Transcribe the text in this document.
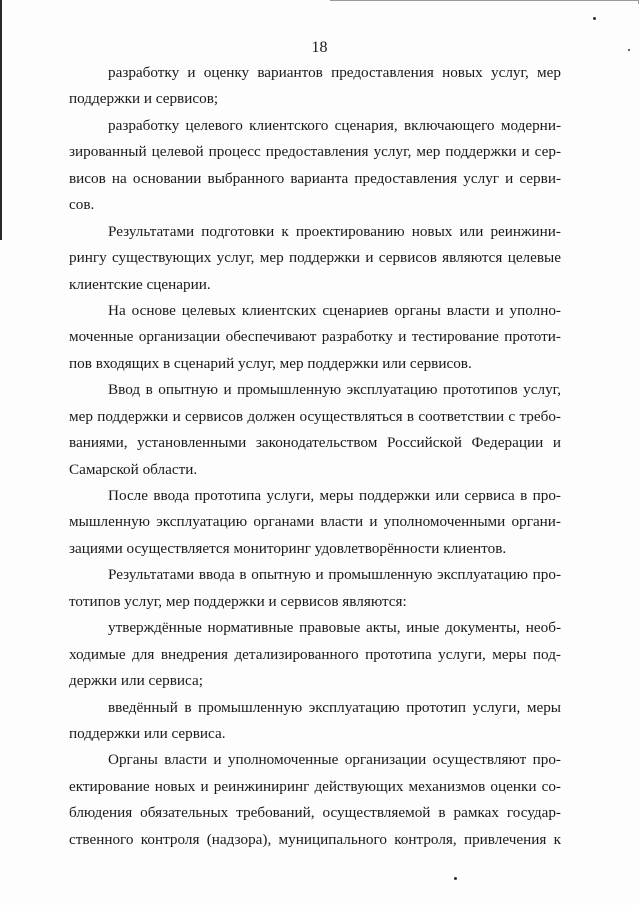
18
разработку и оценку вариантов предоставления новых услуг, мер
поддержки и сервисов;
разработку целевого клиентского сценария, включающего модерни-
зированный целевой процесс предоставления услуг, мер поддержки и сер-
висов на основании выбранного варианта предоставления услуг и серви-
сов.
Результатами подготовки к проектированию новых или реинжини-
рингу существующих услуг, мер поддержки и сервисов являются целевые
клиентские сценарии.
На основе целевых клиентских сценариев органы власти и уполно-
моченные организации обеспечивают разработку и тестирование прототи-
пов входящих в сценарий услуг, мер поддержки или сервисов.
Ввод в опытную и промышленную эксплуатацию прототипов услуг,
мер поддержки и сервисов должен осуществляться в соответствии с требо-
ваниями, установленными законодательством Российской Федерации и
Самарской области.
После ввода прототипа услуги, меры поддержки или сервиса в про-
мышленную эксплуатацию органами власти и уполномоченными органи-
зациями осуществляется мониторинг удовлетворённости клиентов.
Результатами ввода в опытную и промышленную эксплуатацию про-
тотипов услуг, мер поддержки и сервисов являются:
утверждённые нормативные правовые акты, иные документы, необ-
ходимые для внедрения детализированного прототипа услуги, меры под-
держки или сервиса;
введённый в промышленную эксплуатацию прототип услуги, меры
поддержки или сервиса.
Органы власти и уполномоченные организации осуществляют про-
ектирование новых и реинжиниринг действующих механизмов оценки со-
блюдения обязательных требований, осуществляемой в рамках государ-
ственного контроля (надзора), муниципального контроля, привлечения к
